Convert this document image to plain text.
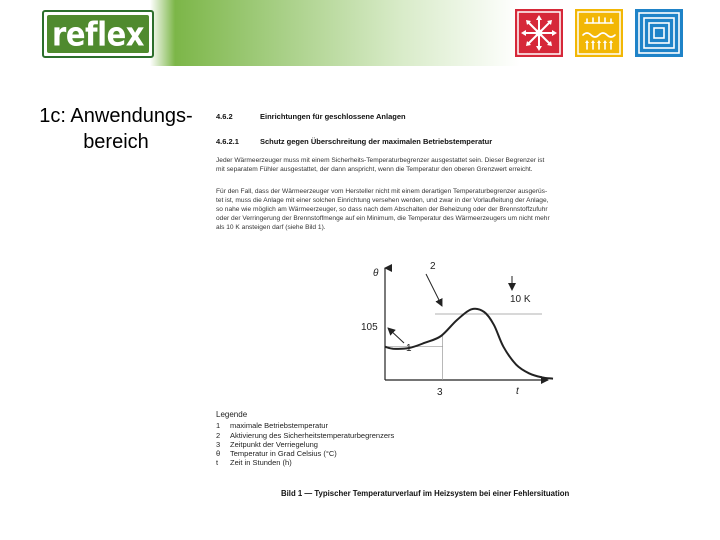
reflex
1c: Anwendungs-
bereich
4.6.2	Einrichtungen für geschlossene Anlagen
4.6.2.1	Schutz gegen Überschreitung der maximalen Betriebstemperatur
Jeder Wärmeerzeuger muss mit einem Sicherheits-Temperaturbegrenzer ausgestattet sein. Dieser Begrenzer ist
mit separatem Fühler ausgestattet, der dann anspricht, wenn die Temperatur den oberen Grenzwert erreicht.
Für den Fall, dass der Wärmeerzeuger vom Hersteller nicht mit einem derartigen Temperaturbegrenzer ausgerüs-
tet ist, muss die Anlage mit einer solchen Einrichtung versehen werden, und zwar in der Vorlaufleitung der Anlage,
so nahe wie möglich am Wärmeerzeuger, so dass nach dem Abschalten der Beheizung oder der Brennstoffzufuhr
oder der Verringerung der Brennstoffmenge auf ein Minimum, die Temperatur des Wärmeerzeugers um nicht mehr
als 10 K ansteigen darf (siehe Bild 1).
θ
t
105
10 K
3
1
2
Legende
1 maximale Betriebstemperatur
2 Aktivierung des Sicherheitstemperaturbegrenzers
3 Zeitpunkt der Verriegelung
θ Temperatur in Grad Celsius (°C)
t Zeit in Stunden (h)
Bild 1 — Typischer Temperaturverlauf im Heizsystem bei einer Fehlersituation
